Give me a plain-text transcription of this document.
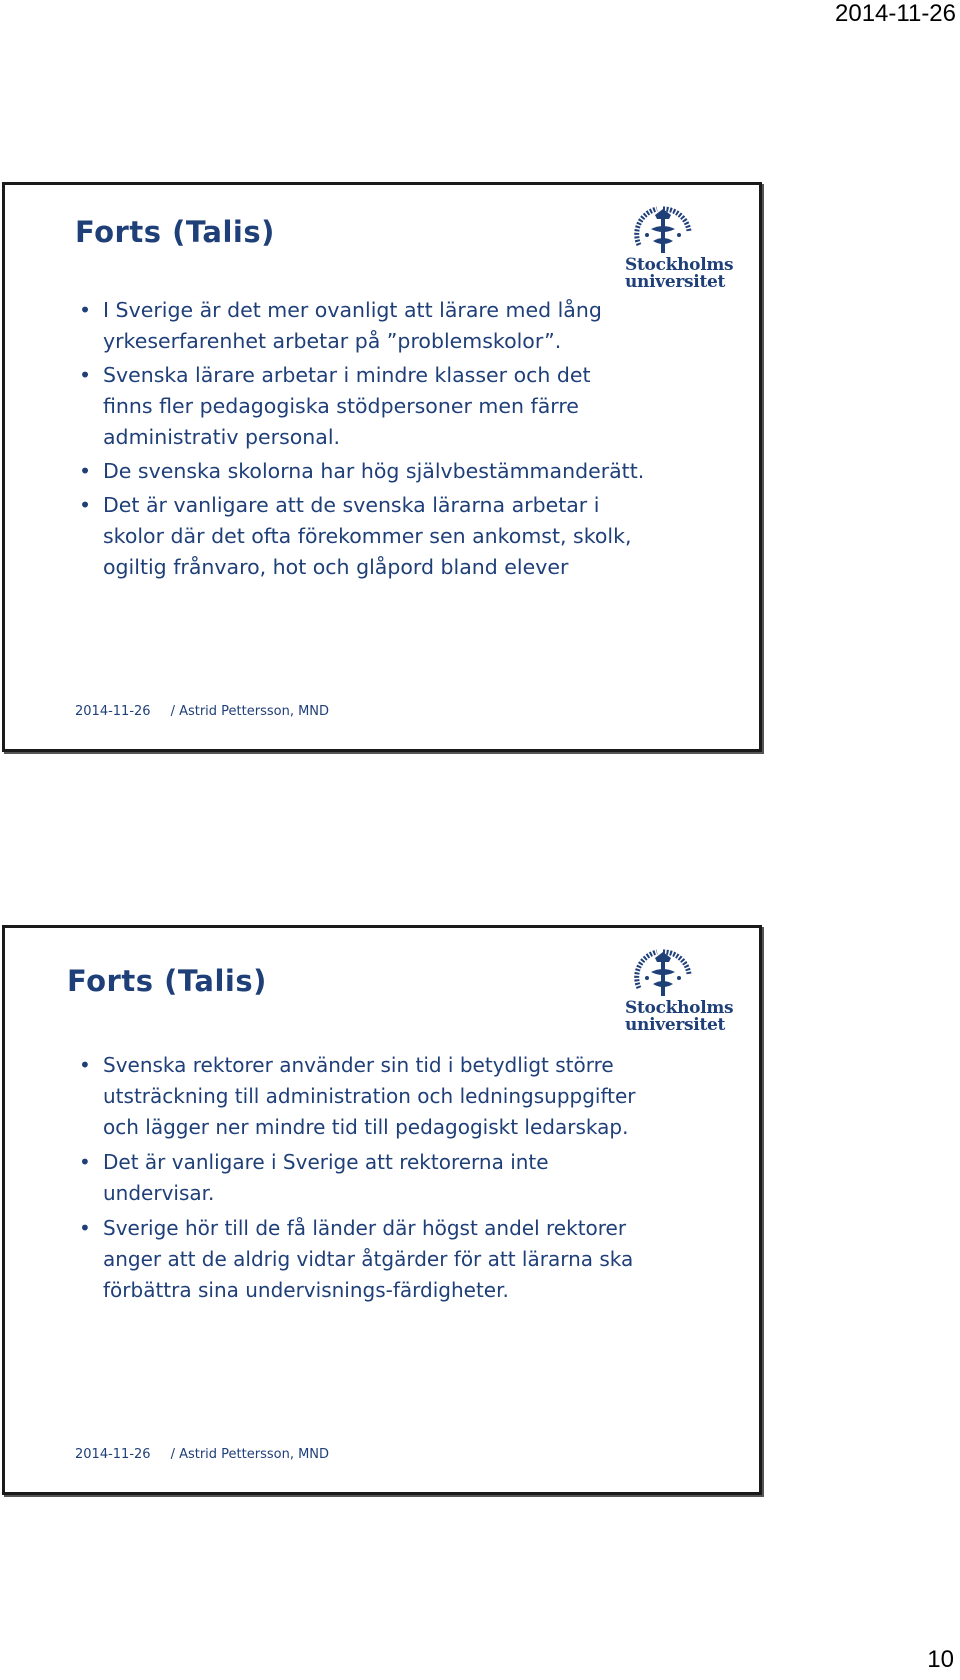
2014-11-26
Forts (Talis)
Stockholms
universitet
• I Sverige är det mer ovanligt att lärare med lång yrkeserfarenhet arbetar på ”problemskolor”.
• Svenska lärare arbetar i mindre klasser och det finns fler pedagogiska stödpersoner men färre administrativ personal.
• De svenska skolorna har hög självbestämmanderätt.
• Det är vanligare att de svenska lärarna arbetar i skolor där det ofta förekommer sen ankomst, skolk, ogiltig frånvaro, hot och glåpord bland elever
2014-11-26 / Astrid Pettersson, MND
Forts (Talis)
Stockholms
universitet
• Svenska rektorer använder sin tid i betydligt större utsträckning till administration och ledningsuppgifter och lägger ner mindre tid till pedagogiskt ledarskap.
• Det är vanligare i Sverige att rektorerna inte undervisar.
• Sverige hör till de få länder där högst andel rektorer anger att de aldrig vidtar åtgärder för att lärarna ska förbättra sina undervisnings-färdigheter.
2014-11-26 / Astrid Pettersson, MND
10
